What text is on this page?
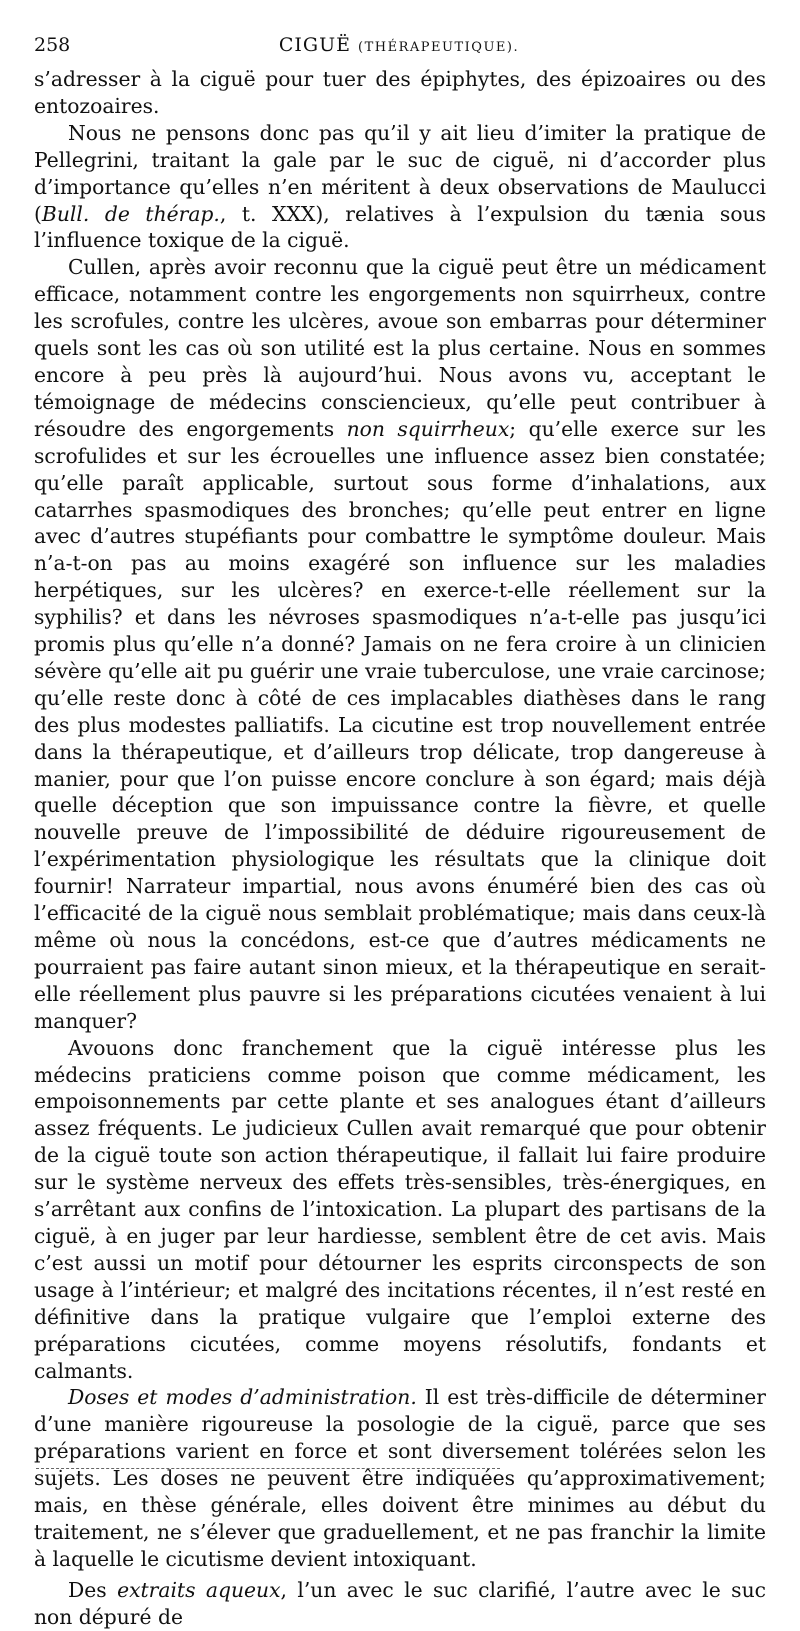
258	CIGUË (THÉRAPEUTIQUE).

s’adresser à la ciguë pour tuer des épiphytes, des épizoaires ou des entozoaires.

Nous ne pensons donc pas qu’il y ait lieu d’imiter la pratique de Pellegrini, traitant la gale par le suc de ciguë, ni d’accorder plus d’importance qu’elles n’en méritent à deux observations de Maulucci (Bull. de thérap., t. XXX), relatives à l’expulsion du tænia sous l’influence toxique de la ciguë.

Cullen, après avoir reconnu que la ciguë peut être un médicament efficace, notamment contre les engorgements non squirrheux, contre les scrofules, contre les ulcères, avoue son embarras pour déterminer quels sont les cas où son utilité est la plus certaine. Nous en sommes encore à peu près là aujourd’hui. Nous avons vu, acceptant le témoignage de médecins consciencieux, qu’elle peut contribuer à résoudre des engorgements non squirrheux; qu’elle exerce sur les scrofulides et sur les écrouelles une influence assez bien constatée; qu’elle paraît applicable, surtout sous forme d’inhalations, aux catarrhes spasmodiques des bronches; qu’elle peut entrer en ligne avec d’autres stupéfiants pour combattre le symptôme douleur. Mais n’a-t-on pas au moins exagéré son influence sur les maladies herpétiques, sur les ulcères? en exerce-t-elle réellement sur la syphilis? et dans les névroses spasmodiques n’a-t-elle pas jusqu’ici promis plus qu’elle n’a donné? Jamais on ne fera croire à un clinicien sévère qu’elle ait pu guérir une vraie tuberculose, une vraie carcinose; qu’elle reste donc à côté de ces implacables diathèses dans le rang des plus modestes palliatifs. La cicutine est trop nouvellement entrée dans la thérapeutique, et d’ailleurs trop délicate, trop dangereuse à manier, pour que l’on puisse encore conclure à son égard; mais déjà quelle déception que son impuissance contre la fièvre, et quelle nouvelle preuve de l’impossibilité de déduire rigoureusement de l’expérimentation physiologique les résultats que la clinique doit fournir! Narrateur impartial, nous avons énuméré bien des cas où l’efficacité de la ciguë nous semblait problématique; mais dans ceux-là même où nous la concédons, est-ce que d’autres médicaments ne pourraient pas faire autant sinon mieux, et la thérapeutique en serait-elle réellement plus pauvre si les préparations cicutées venaient à lui manquer?

Avouons donc franchement que la ciguë intéresse plus les médecins praticiens comme poison que comme médicament, les empoisonnements par cette plante et ses analogues étant d’ailleurs assez fréquents. Le judicieux Cullen avait remarqué que pour obtenir de la ciguë toute son action thérapeutique, il fallait lui faire produire sur le système nerveux des effets très-sensibles, très-énergiques, en s’arrêtant aux confins de l’intoxication. La plupart des partisans de la ciguë, à en juger par leur hardiesse, semblent être de cet avis. Mais c’est aussi un motif pour détourner les esprits circonspects de son usage à l’intérieur; et malgré des incitations récentes, il n’est resté en définitive dans la pratique vulgaire que l’emploi externe des préparations cicutées, comme moyens résolutifs, fondants et calmants.

Doses et modes d’administration. Il est très-difficile de déterminer d’une manière rigoureuse la posologie de la ciguë, parce que ses préparations varient en force et sont diversement tolérées selon les sujets. Les doses ne peuvent être indiquées qu’approximativement; mais, en thèse générale, elles doivent être minimes au début du traitement, ne s’élever que graduellement, et ne pas franchir la limite à laquelle le cicutisme devient intoxiquant.

Des extraits aqueux, l’un avec le suc clarifié, l’autre avec le suc non dépuré de
